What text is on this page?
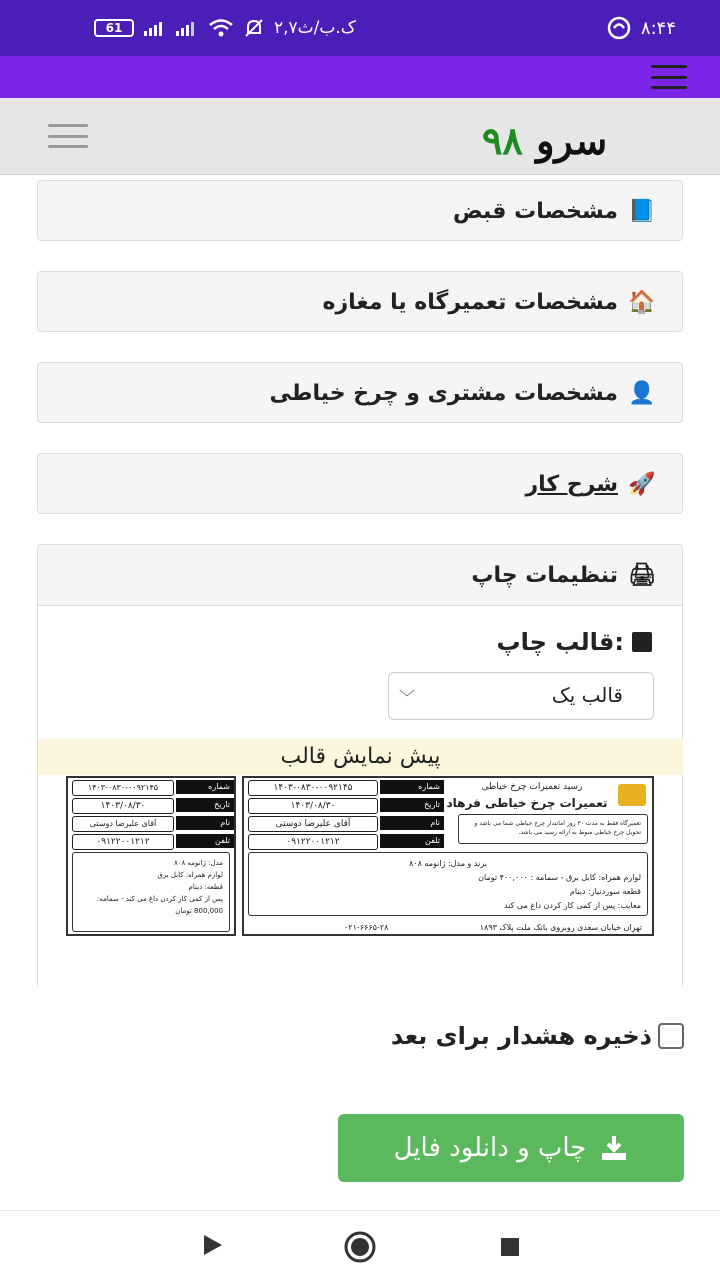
61	۲,۷ک.ب/ث	۸:۴۴
سرو ۹۸
مشخصات قبض 📘
مشخصات تعمیرگاه یا مغازه 🏠
مشخصات مشتری و چرخ خیاطی 👤
شرح کار 🚀
تنظیمات چاپ 🖨
قالب چاپ:
قالب یک
﹀
پیش نمایش قالب
رسید تعمیرات چرخ خیاطی
تعمیرات چرخ خیاطی فرهاد
تعمیرگاه فقط به مدت ۳۰ روز امانتدار چرخ خیاطی شما می باشد و تحویل چرخ خیاطی منوط به ارائه رسید می باشد.
شماره
۱۴۰۳-۰۸۳۰-۰۰۹۲۱۴۵
تاریخ
۱۴۰۳/۰۸/۳۰
نام
آقای علیرضا دوستی
تلفن
۰۹۱۲۲۰۰۱۲۱۲
برند و مدل: ژانومه ۸۰۸
لوازم همراه: کابل برق - سمامه : ۴۰۰,۰۰۰ تومان
قطعه سوردنیاز: دینام
معایب: پس از کمی کار کردن داغ می کند
تهران خیابان سعدی روبروی بانک ملت پلاک ۱۸۹۳
۰۲۱-۶۶۶۵-۲۸
شماره
۱۴۰۳-۰۸۳۰-۰۰۹۲۱۴۵
تاریخ
۱۴۰۳/۰۸/۳۰
نام
آقای علیرضا دوستی
تلفن
۰۹۱۲۲۰۰۱۲۱۲
مدل: ژانومه ۸۰۸
لوازم همراه: کابل برق
قطعه: دینام
پس از کمی کار کردن داغ می کند - سمامه: 800,000 تومان
ذخیره هشدار برای بعد
چاپ و دانلود فایل
